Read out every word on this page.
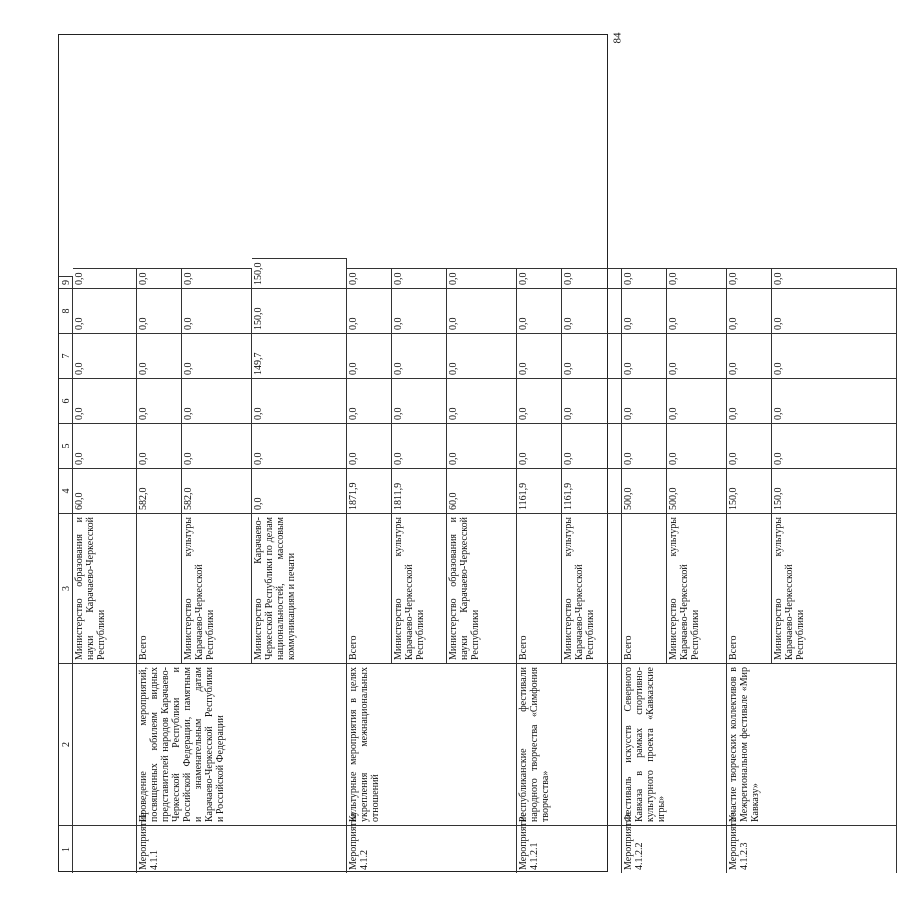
84
1
2
3
4
5
6
7
8
9
Мероприятие 4.1.1
Проведение мероприятий, посвященных юбилеям видных представителей народов Карачаево-Черкесской Республики и Российской Федерации, памятным и знаменательным датам Карачаево-Черкесской Республики и Российской Федерации
Мероприятие 4.1.2
Культурные мероприятия в целях укрепления межнациональных отношений
Мероприятие 4.1.2.1
Республиканские фестивали народного творчества «Симфония творчества»
Мероприятие 4.1.2.2
Фестиваль искусств Северного Кавказа в рамках спортивно-культурного проекта «Кавказские игры»
Мероприятие 4.1.2.3
Участие творческих коллективов в Межрегиональном фестивале «Мир Кавказу»
Министерство образования и науки Карачаево-Черкесской Республики
60,0
0,0
0,0
0,0
0,0
0,0
Всего
582,0
0,0
0,0
0,0
0,0
0,0
Министерство культуры Карачаево-Черкесской Республики
582,0
0,0
0,0
0,0
0,0
0,0
Министерство Карачаево-Черкесской Республики по делам национальностей, массовым коммуникациям и печати
0,0
0,0
0,0
149,7
150,0
150,0
Всего
1871,9
0,0
0,0
0,0
0,0
0,0
Министерство культуры Карачаево-Черкесской Республики
1811,9
0,0
0,0
0,0
0,0
0,0
Министерство образования и науки Карачаево-Черкесской Республики
60,0
0,0
0,0
0,0
0,0
0,0
Всего
1161,9
0,0
0,0
0,0
0,0
0,0
Министерство культуры Карачаево-Черкесской Республики
1161,9
0,0
0,0
0,0
0,0
0,0
Всего
500,0
0,0
0,0
0,0
0,0
0,0
Министерство культуры Карачаево-Черкесской Республики
500,0
0,0
0,0
0,0
0,0
0,0
Всего
150,0
0,0
0,0
0,0
0,0
0,0
Министерство культуры Карачаево-Черкесской Республики
150,0
0,0
0,0
0,0
0,0
0,0
